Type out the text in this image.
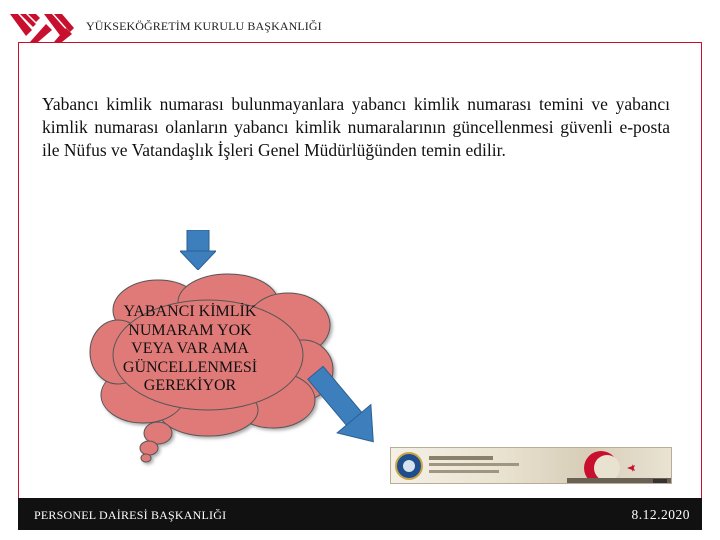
YÜKSEKÖĞRETİM KURULU BAŞKANLIĞI
Yabancı kimlik numarası bulunmayanlara yabancı kimlik numarası temini ve yabancı kimlik numarası olanların yabancı kimlik numaralarının güncellenmesi güvenli e-posta ile Nüfus ve Vatandaşlık İşleri Genel Müdürlüğünden temin edilir.
YABANCI KİMLİK
NUMARAM YOK
VEYA VAR AMA
GÜNCELLENMESİ
GEREKİYOR
PERSONEL DAİRESİ BAŞKANLIĞI	8.12.2020
